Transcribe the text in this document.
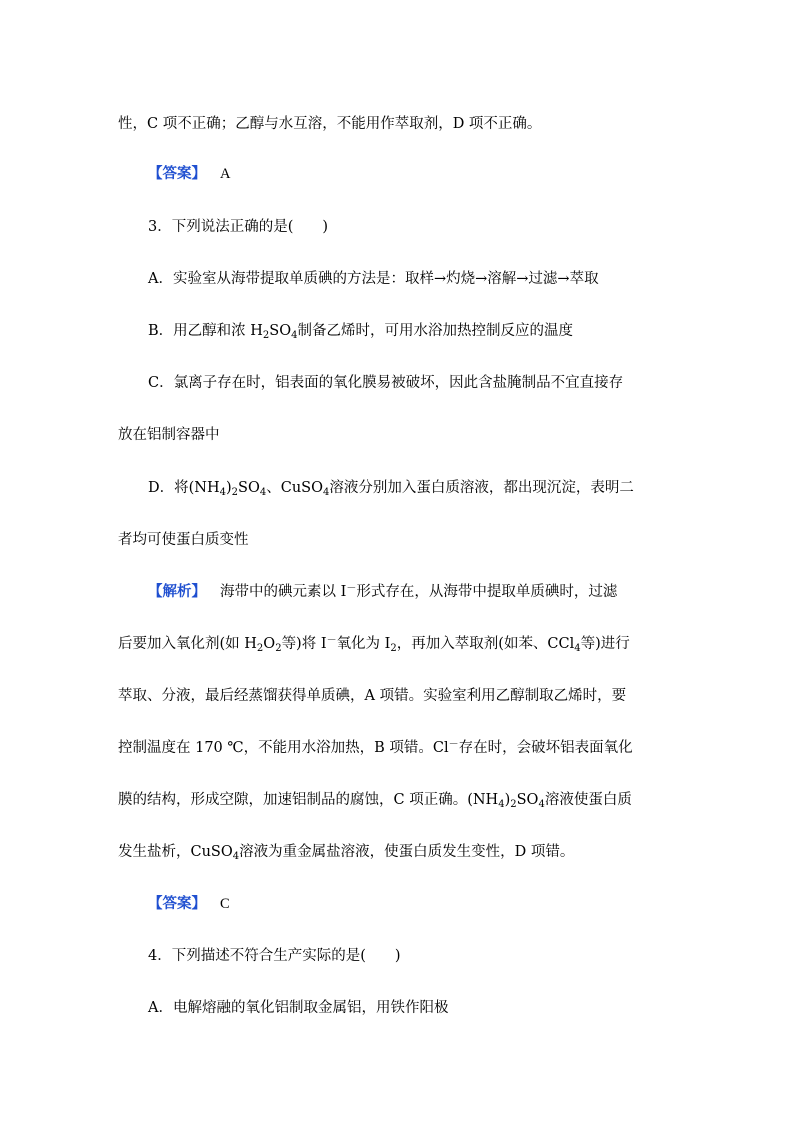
性，C 项不正确；乙醇与水互溶，不能用作萃取剂，D 项不正确。
【答案】 A
3．下列说法正确的是(　　)
A．实验室从海带提取单质碘的方法是：取样→灼烧→溶解→过滤→萃取
B．用乙醇和浓 $H_2SO_4$制备乙烯时，可用水浴加热控制反应的温度
C．氯离子存在时，铝表面的氧化膜易被破坏，因此含盐腌制品不宜直接存
放在铝制容器中
D．将$(NH_4)_2SO_4$、CuSO$_4$溶液分别加入蛋白质溶液，都出现沉淀，表明二
者均可使蛋白质变性
【解析】 海带中的碘元素以 I－形式存在，从海带中提取单质碘时，过滤
后要加入氧化剂(如 $H_2O_2$等)将 I－氧化为 $I_2$，再加入萃取剂(如苯、CCl$_4$等)进行
萃取、分液，最后经蒸馏获得单质碘，A 项错。实验室利用乙醇制取乙烯时，要
控制温度在 170 ℃，不能用水浴加热，B 项错。Cl－存在时，会破坏铝表面氧化
膜的结构，形成空隙，加速铝制品的腐蚀，C 项正确。$(NH_4)_2SO_4$溶液使蛋白质
发生盐析，CuSO$_4$溶液为重金属盐溶液，使蛋白质发生变性，D 项错。
【答案】 C
4．下列描述不符合生产实际的是(　　)
A．电解熔融的氧化铝制取金属铝，用铁作阳极
